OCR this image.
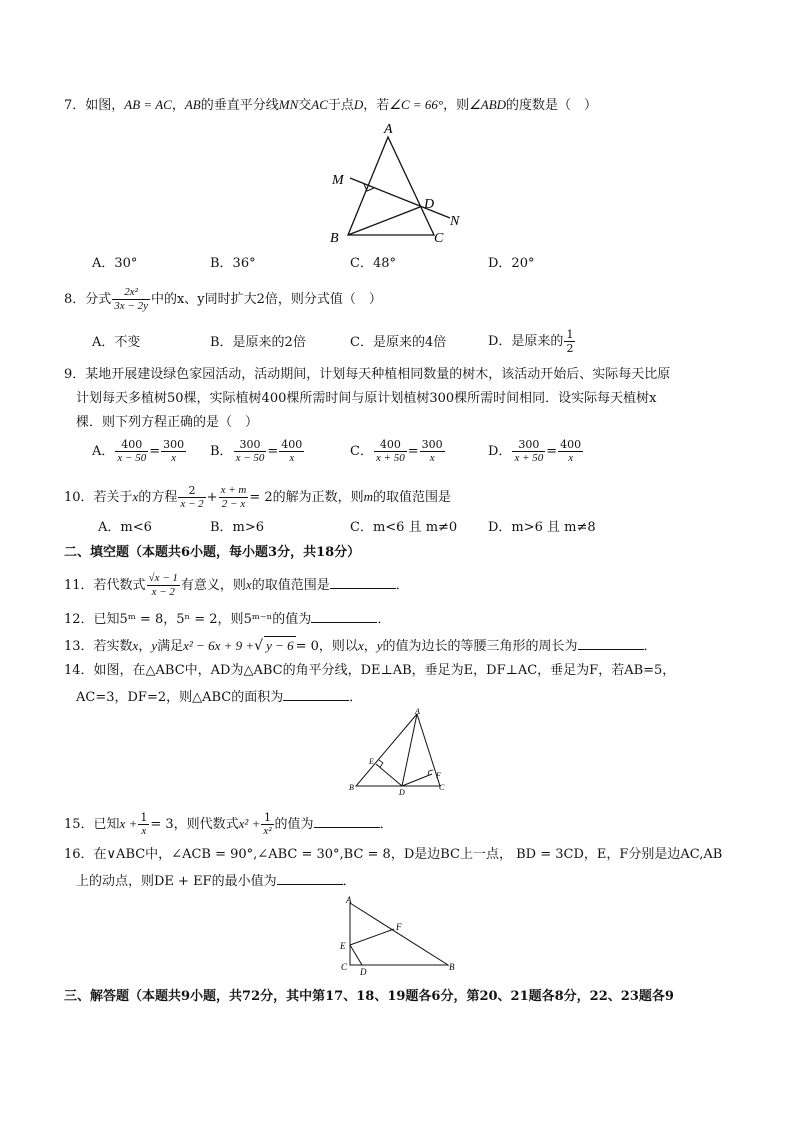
7．如图，AB = AC，AB的垂直平分线MN交AC于点D，若∠C = 66°，则∠ABD的度数是（　）
A
M
D
N
B	C
A．30°	B．36°	C．48°	D．20°
8．分式 $\frac{\text{2x²}}{3x - 2y}$ 中的x、y同时扩大2倍，则分式值（　）
A．不变	B．是原来的2倍	C．是原来的4倍	D．是原来的 $\frac{1}{2}$
9．某地开展建设绿色家园活动，活动期间，计划每天种植相同数量的树木，该活动开始后、实际每天比原
计划每天多植树50棵，实际植树400棵所需时间与原计划植树300棵所需时间相同．设实际每天植树x
棵．则下列方程正确的是（　）
A． $\frac{400}{x - 50} = \frac{300}{x}$ B． $\frac{300}{x - 50} = \frac{400}{x}$	C． $\frac{400}{x + 50} = \frac{300}{x}$	D． $\frac{300}{x + 50} = \frac{400}{x}$
10．若关于x的方程 $\frac{2}{x - 2} + \frac{x + m}{2 - x} = 2$的解为正数，则m的取值范围是
A．m<6	B．m>6	C．m<6 且 m≠0 D．m>6 且 m≠8
二、填空题（本题共6小题，每小题3分，共18分）
11．若代数式 $\frac{√x - 1}{x - 2}$ 有意义，则x的取值范围是	．
12．已知5ᵐ = 8，5ⁿ = 2，则5ᵐ⁻ⁿ的值为	．
13．若实数x，y满足x² − 6x + 9 +√ y − 6 = 0，则以x，y的值为边长的等腰三角形的周长为	．
14．如图，在△ABC中，AD为△ABC的角平分线，DE⊥AB，垂足为E，DF⊥AC，垂足为F，若AB=5，
AC=3，DF=2，则△ABC的面积为	．
A
E
F
B
D
C
15．已知$x + \frac{1}{x} = 3$，则代数式$x^2 + \frac{1}{\text{x²}}$ 的值为	．
16．在∨ABC中，∠ACB = 90°,∠ABC = 30°,BC = 8，D是边BC上一点， BD = 3CD，E，F分别是边AC,AB
上的动点，则DE + EF的最小值为	．
A
F
E
C D	B
三、解答题（本题共9小题，共72分，其中第17、18、19题各6分，第20、21题各8分，22、23题各9
